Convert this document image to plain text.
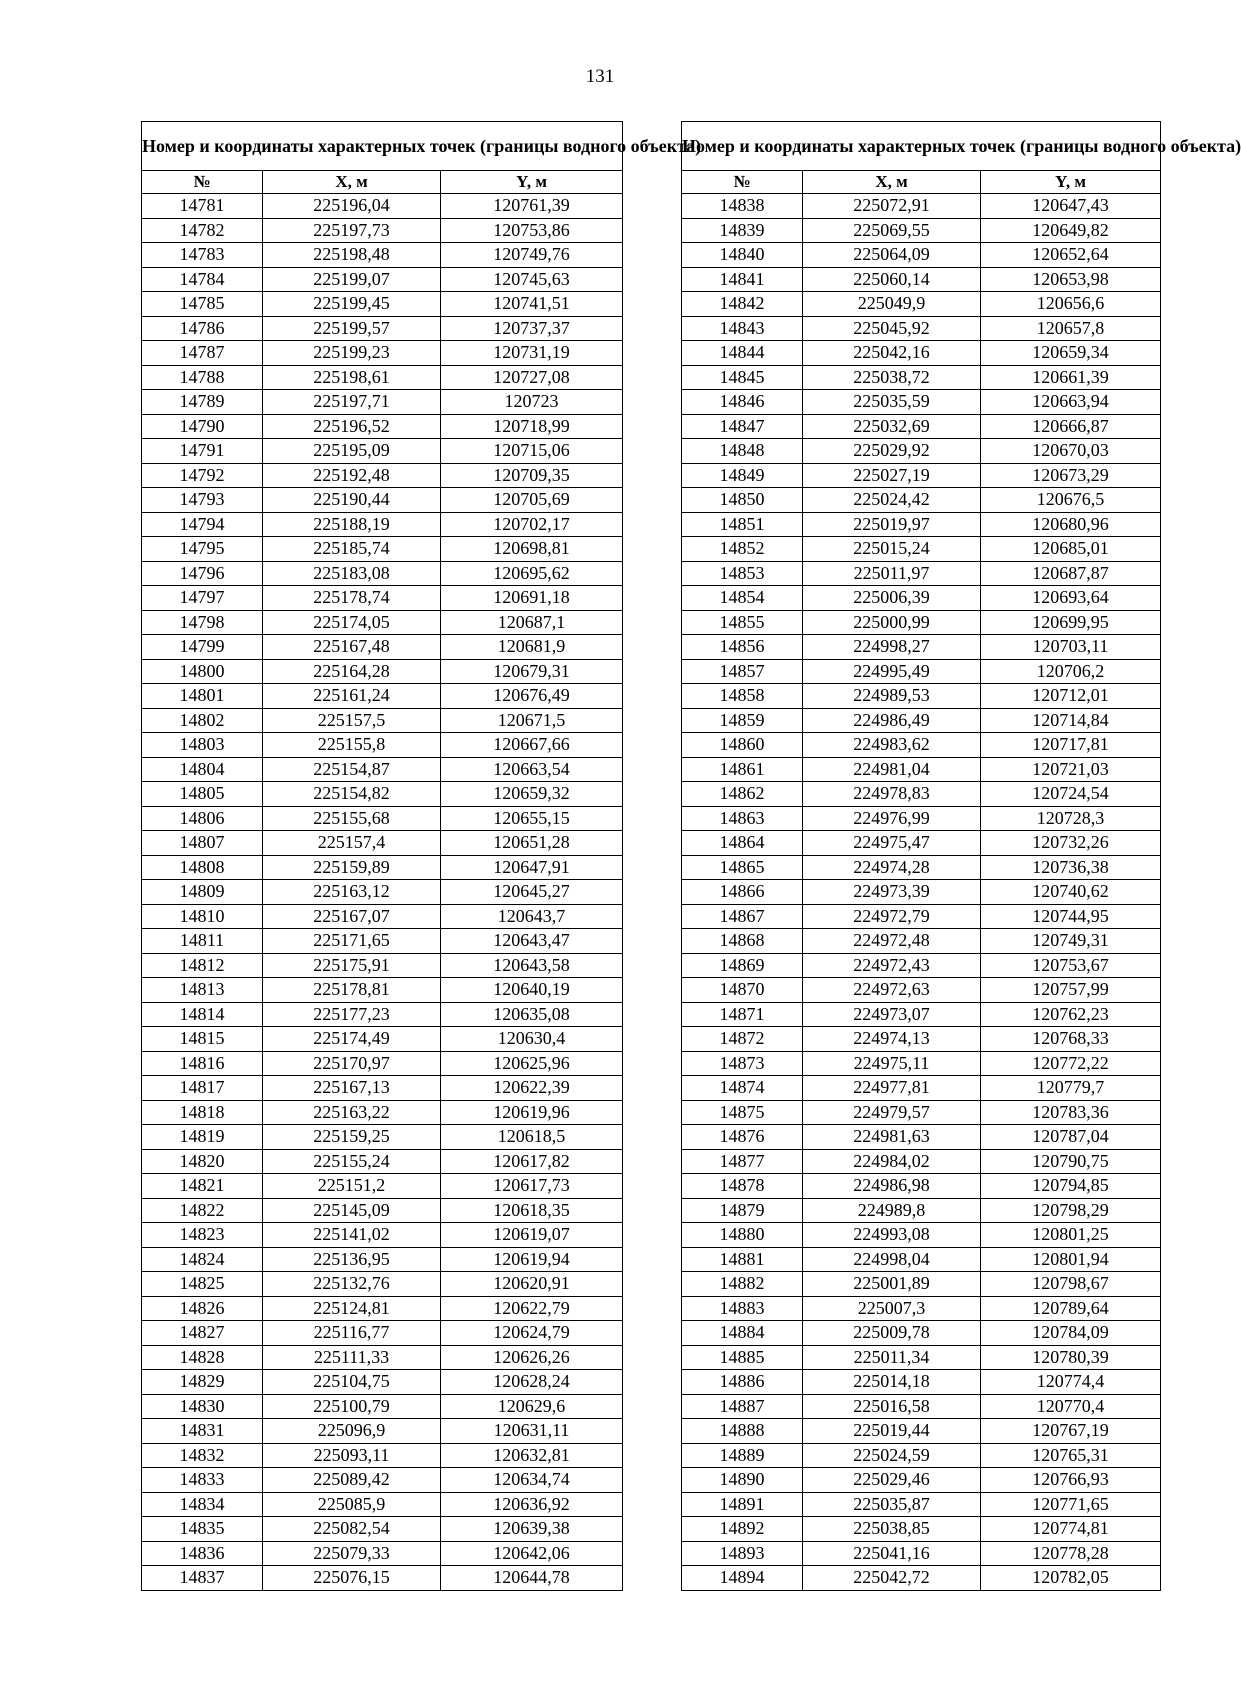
131
Номер и координаты характерных точек (границы водного объекта)		
№	X, м	Y, м
14781	225196,04	120761,39
14782	225197,73	120753,86
14783	225198,48	120749,76
14784	225199,07	120745,63
14785	225199,45	120741,51
14786	225199,57	120737,37
14787	225199,23	120731,19
14788	225198,61	120727,08
14789	225197,71	120723
14790	225196,52	120718,99
14791	225195,09	120715,06
14792	225192,48	120709,35
14793	225190,44	120705,69
14794	225188,19	120702,17
14795	225185,74	120698,81
14796	225183,08	120695,62
14797	225178,74	120691,18
14798	225174,05	120687,1
14799	225167,48	120681,9
14800	225164,28	120679,31
14801	225161,24	120676,49
14802	225157,5	120671,5
14803	225155,8	120667,66
14804	225154,87	120663,54
14805	225154,82	120659,32
14806	225155,68	120655,15
14807	225157,4	120651,28
14808	225159,89	120647,91
14809	225163,12	120645,27
14810	225167,07	120643,7
14811	225171,65	120643,47
14812	225175,91	120643,58
14813	225178,81	120640,19
14814	225177,23	120635,08
14815	225174,49	120630,4
14816	225170,97	120625,96
14817	225167,13	120622,39
14818	225163,22	120619,96
14819	225159,25	120618,5
14820	225155,24	120617,82
14821	225151,2	120617,73
14822	225145,09	120618,35
14823	225141,02	120619,07
14824	225136,95	120619,94
14825	225132,76	120620,91
14826	225124,81	120622,79
14827	225116,77	120624,79
14828	225111,33	120626,26
14829	225104,75	120628,24
14830	225100,79	120629,6
14831	225096,9	120631,11
14832	225093,11	120632,81
14833	225089,42	120634,74
14834	225085,9	120636,92
14835	225082,54	120639,38
14836	225079,33	120642,06
14837	225076,15	120644,78
Номер и координаты характерных точек (границы водного объекта)		
№	X, м	Y, м
14838	225072,91	120647,43
14839	225069,55	120649,82
14840	225064,09	120652,64
14841	225060,14	120653,98
14842	225049,9	120656,6
14843	225045,92	120657,8
14844	225042,16	120659,34
14845	225038,72	120661,39
14846	225035,59	120663,94
14847	225032,69	120666,87
14848	225029,92	120670,03
14849	225027,19	120673,29
14850	225024,42	120676,5
14851	225019,97	120680,96
14852	225015,24	120685,01
14853	225011,97	120687,87
14854	225006,39	120693,64
14855	225000,99	120699,95
14856	224998,27	120703,11
14857	224995,49	120706,2
14858	224989,53	120712,01
14859	224986,49	120714,84
14860	224983,62	120717,81
14861	224981,04	120721,03
14862	224978,83	120724,54
14863	224976,99	120728,3
14864	224975,47	120732,26
14865	224974,28	120736,38
14866	224973,39	120740,62
14867	224972,79	120744,95
14868	224972,48	120749,31
14869	224972,43	120753,67
14870	224972,63	120757,99
14871	224973,07	120762,23
14872	224974,13	120768,33
14873	224975,11	120772,22
14874	224977,81	120779,7
14875	224979,57	120783,36
14876	224981,63	120787,04
14877	224984,02	120790,75
14878	224986,98	120794,85
14879	224989,8	120798,29
14880	224993,08	120801,25
14881	224998,04	120801,94
14882	225001,89	120798,67
14883	225007,3	120789,64
14884	225009,78	120784,09
14885	225011,34	120780,39
14886	225014,18	120774,4
14887	225016,58	120770,4
14888	225019,44	120767,19
14889	225024,59	120765,31
14890	225029,46	120766,93
14891	225035,87	120771,65
14892	225038,85	120774,81
14893	225041,16	120778,28
14894	225042,72	120782,05
